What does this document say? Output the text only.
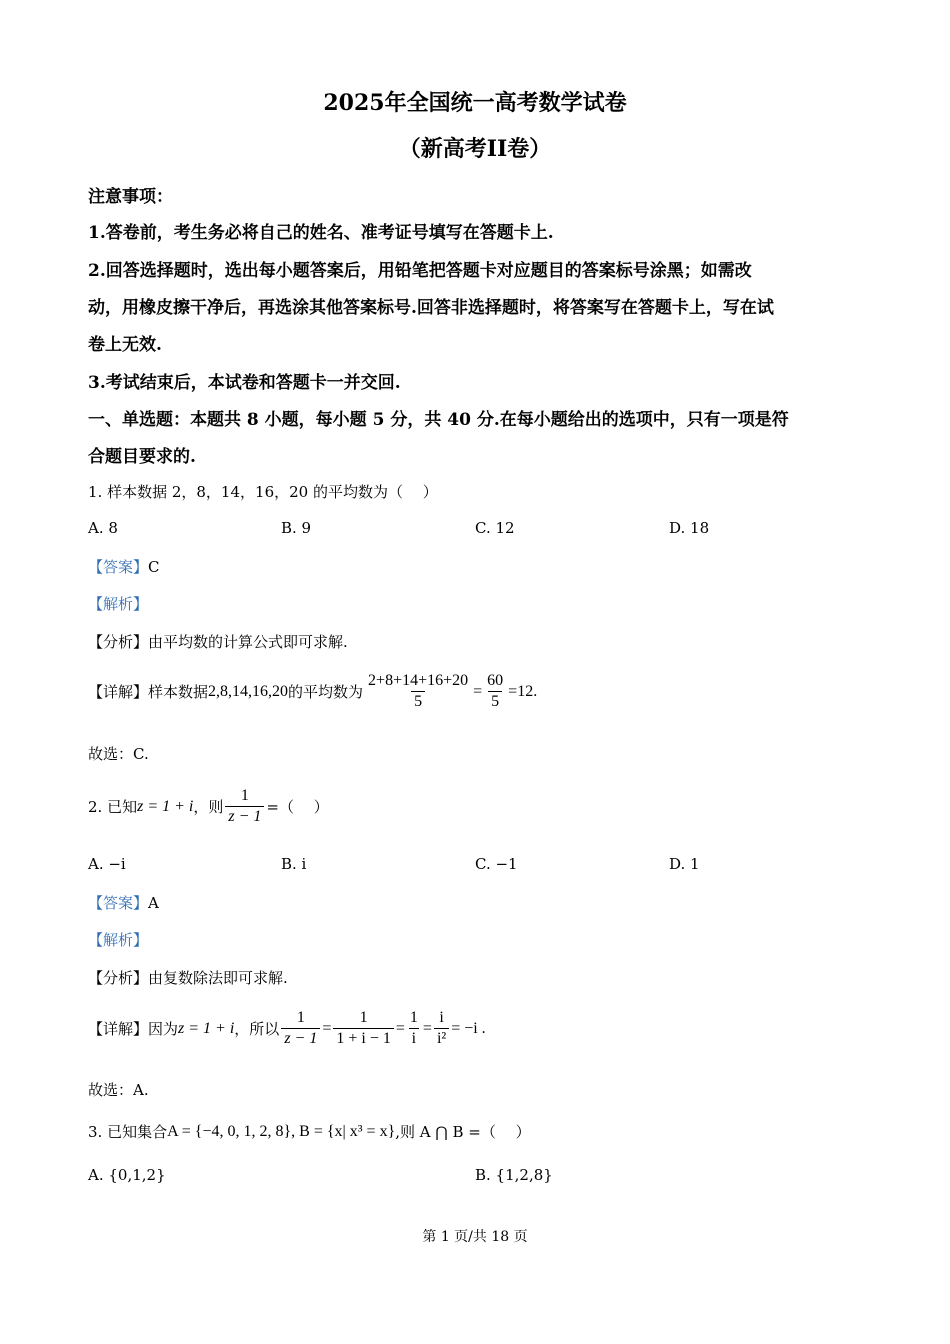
2025年全国统一高考数学试卷
（新高考II卷）
注意事项：
1.答卷前，考生务必将自己的姓名、准考证号填写在答题卡上.
2.回答选择题时，选出每小题答案后，用铅笔把答题卡对应题目的答案标号涂黑；如需改
动，用橡皮擦干净后，再选涂其他答案标号.回答非选择题时，将答案写在答题卡上，写在试
卷上无效.
3.考试结束后，本试卷和答题卡一并交回.
一、单选题：本题共 8 小题，每小题 5 分，共 40 分.在每小题给出的选项中，只有一项是符
合题目要求的.
1. 样本数据 2，8，14，16，20 的平均数为（　 ）
A. 8	B. 9	C. 12	D. 18
【答案】C
【解析】
【分析】由平均数的计算公式即可求解.
【详解】 样本数据 2,8,14,16,20 的平均数为 $\frac{2+8+14+16+20}{5} = \frac{60}{5} =12$.
故选：C.
2. 已知 z = 1 + i ，则 $\frac{1}{z - 1}$ =（　 ）
A. −i	B. i	C. −1	D. 1
【答案】A
【解析】
【分析】由复数除法即可求解.
【详解】 因为 z = 1 + i ，所以 $\frac{1}{z - 1} = \frac{1}{1 + i - 1} = \frac{1}{i} = \frac{i}{\text{i²}} = -i$ .
故选：A.
3. 已知集合 A = {−4, 0, 1, 2, 8} , B = {x| x³ = x} ,则 A ⋂ B =（　 ）
A. {0,1,2}	B. {1,2,8}
第 1 页/共 18 页
